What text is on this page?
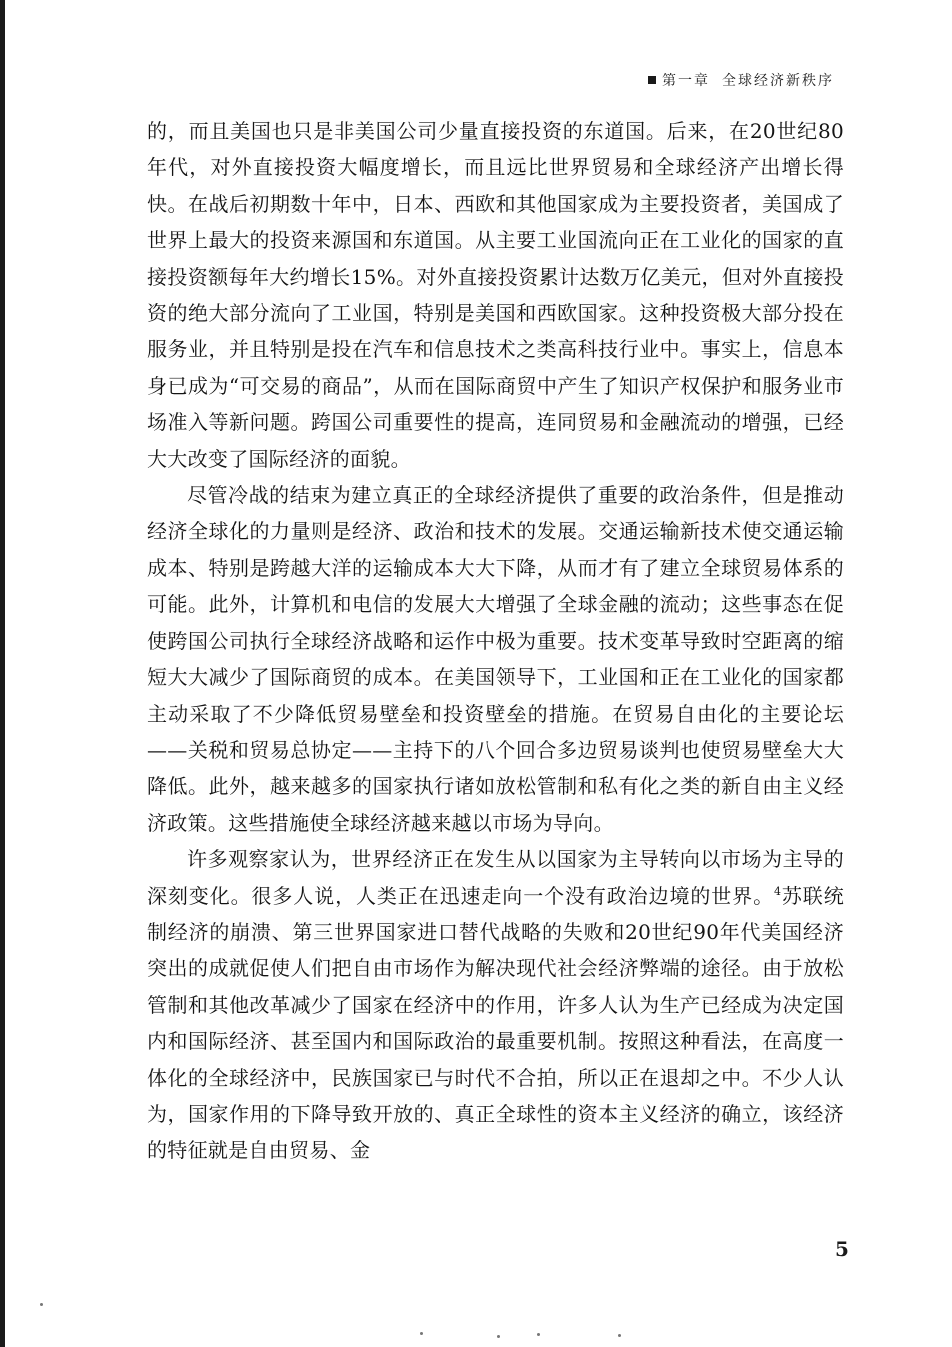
第一章 全球经济新秩序

的，而且美国也只是非美国公司少量直接投资的东道国。后来，在20世纪80年代，对外直接投资大幅度增长，而且远比世界贸易和全球经济产出增长得快。在战后初期数十年中，日本、西欧和其他国家成为主要投资者，美国成了世界上最大的投资来源国和东道国。从主要工业国流向正在工业化的国家的直接投资额每年大约增长15%。对外直接投资累计达数万亿美元，但对外直接投资的绝大部分流向了工业国，特别是美国和西欧国家。这种投资极大部分投在服务业，并且特别是投在汽车和信息技术之类高科技行业中。事实上，信息本身已成为“可交易的商品”，从而在国际商贸中产生了知识产权保护和服务业市场准入等新问题。跨国公司重要性的提高，连同贸易和金融流动的增强，已经大大改变了国际经济的面貌。

尽管冷战的结束为建立真正的全球经济提供了重要的政治条件，但是推动经济全球化的力量则是经济、政治和技术的发展。交通运输新技术使交通运输成本、特别是跨越大洋的运输成本大大下降，从而才有了建立全球贸易体系的可能。此外，计算机和电信的发展大大增强了全球金融的流动；这些事态在促使跨国公司执行全球经济战略和运作中极为重要。技术变革导致时空距离的缩短大大减少了国际商贸的成本。在美国领导下，工业国和正在工业化的国家都主动采取了不少降低贸易壁垒和投资壁垒的措施。在贸易自由化的主要论坛——关税和贸易总协定——主持下的八个回合多边贸易谈判也使贸易壁垒大大降低。此外，越来越多的国家执行诸如放松管制和私有化之类的新自由主义经济政策。这些措施使全球经济越来越以市场为导向。

许多观察家认为，世界经济正在发生从以国家为主导转向以市场为主导的深刻变化。很多人说，人类正在迅速走向一个没有政治边境的世界。$^4$苏联统制经济的崩溃、第三世界国家进口替代战略的失败和20世纪90年代美国经济突出的成就促使人们把自由市场作为解决现代社会经济弊端的途径。由于放松管制和其他改革减少了国家在经济中的作用，许多人认为生产已经成为决定国内和国际经济、甚至国内和国际政治的最重要机制。按照这种看法，在高度一体化的全球经济中，民族国家已与时代不合拍，所以正在退却之中。不少人认为，国家作用的下降导致开放的、真正全球性的资本主义经济的确立，该经济的特征就是自由贸易、金

5
